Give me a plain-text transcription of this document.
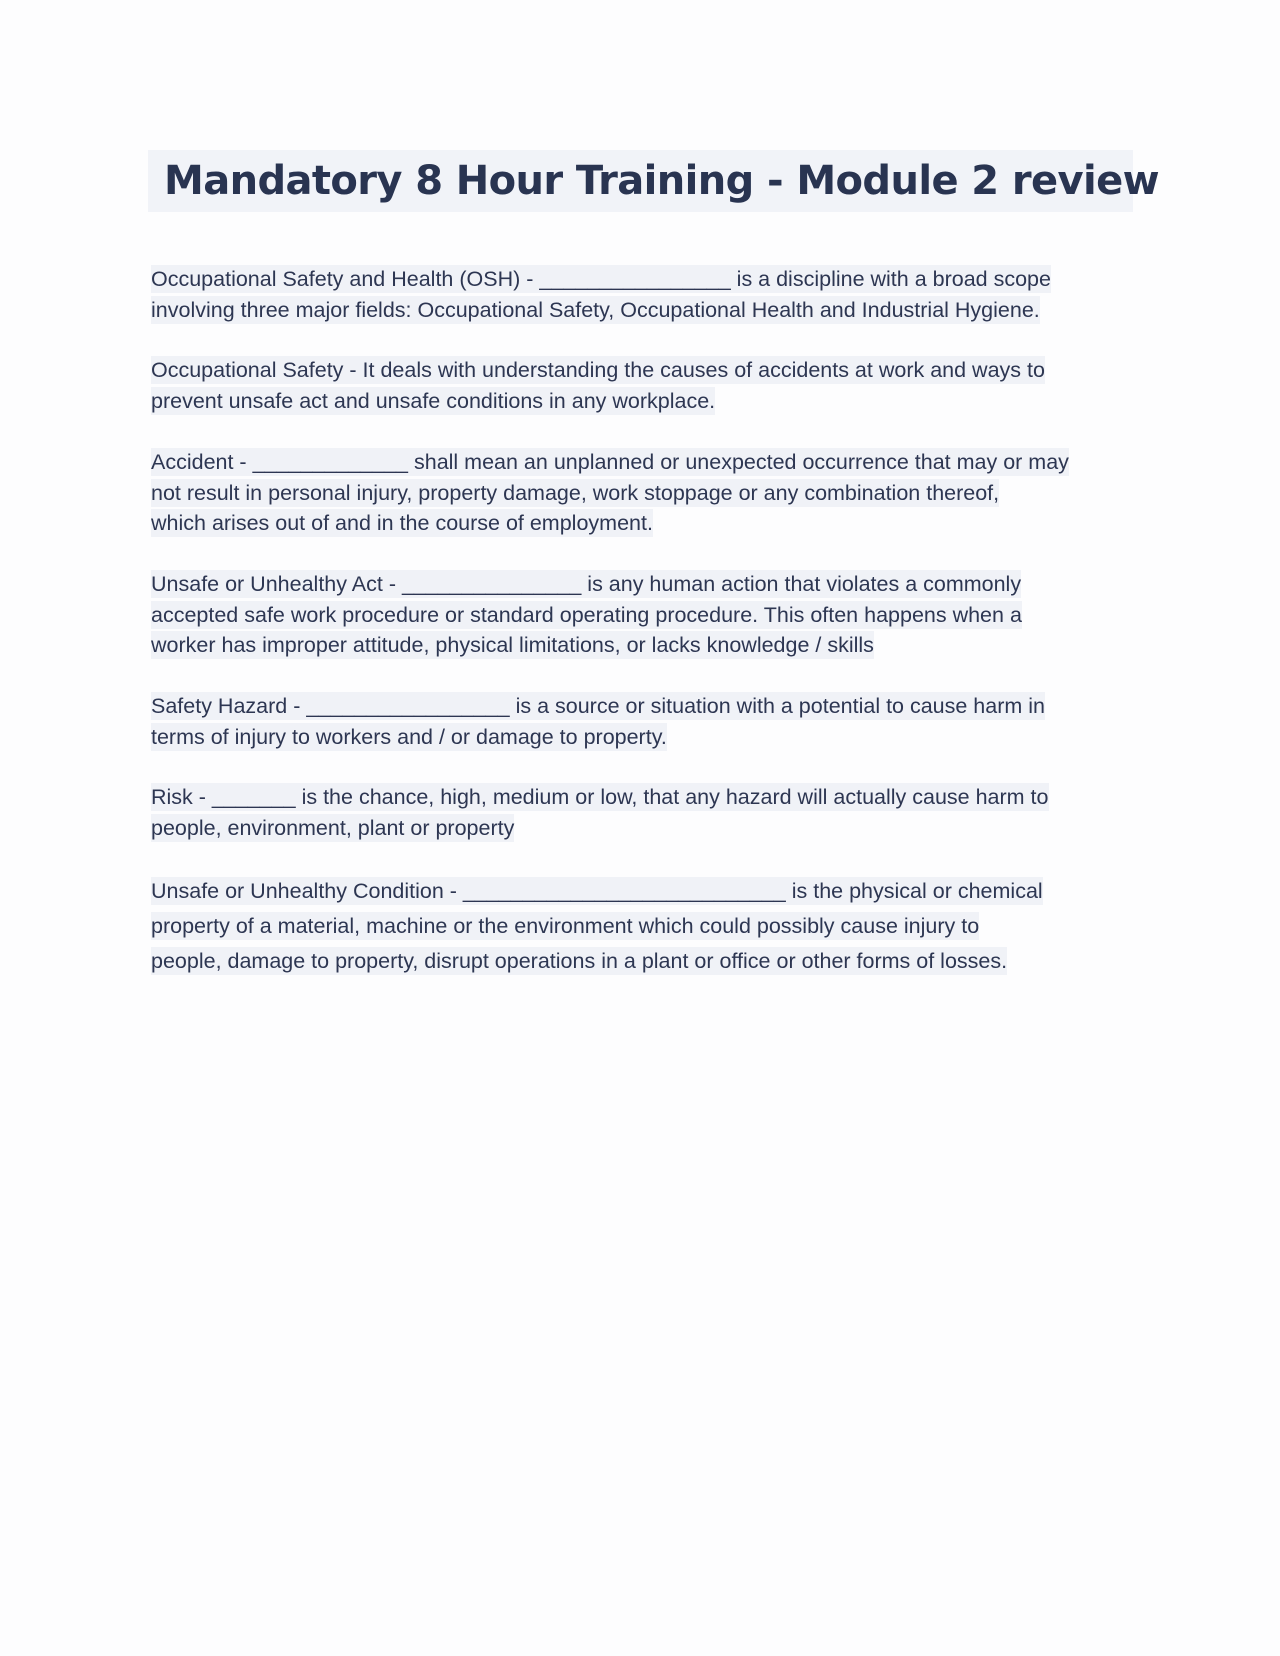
Mandatory 8 Hour Training - Module 2 review

Occupational Safety and Health (OSH) - ________________ is a discipline with a broad scope
involving three major fields: Occupational Safety, Occupational Health and Industrial Hygiene.

Occupational Safety - It deals with understanding the causes of accidents at work and ways to
prevent unsafe act and unsafe conditions in any workplace.

Accident - _____________ shall mean an unplanned or unexpected occurrence that may or may
not result in personal injury, property damage, work stoppage or any combination thereof,
which arises out of and in the course of employment.

Unsafe or Unhealthy Act - _______________ is any human action that violates a commonly
accepted safe work procedure or standard operating procedure. This often happens when a
worker has improper attitude, physical limitations, or lacks knowledge / skills

Safety Hazard - _________________ is a source or situation with a potential to cause harm in
terms of injury to workers and / or damage to property.

Risk - _______ is the chance, high, medium or low, that any hazard will actually cause harm to
people, environment, plant or property

Unsafe or Unhealthy Condition - ___________________________ is the physical or chemical
property of a material, machine or the environment which could possibly cause injury to
people, damage to property, disrupt operations in a plant or office or other forms of losses.
